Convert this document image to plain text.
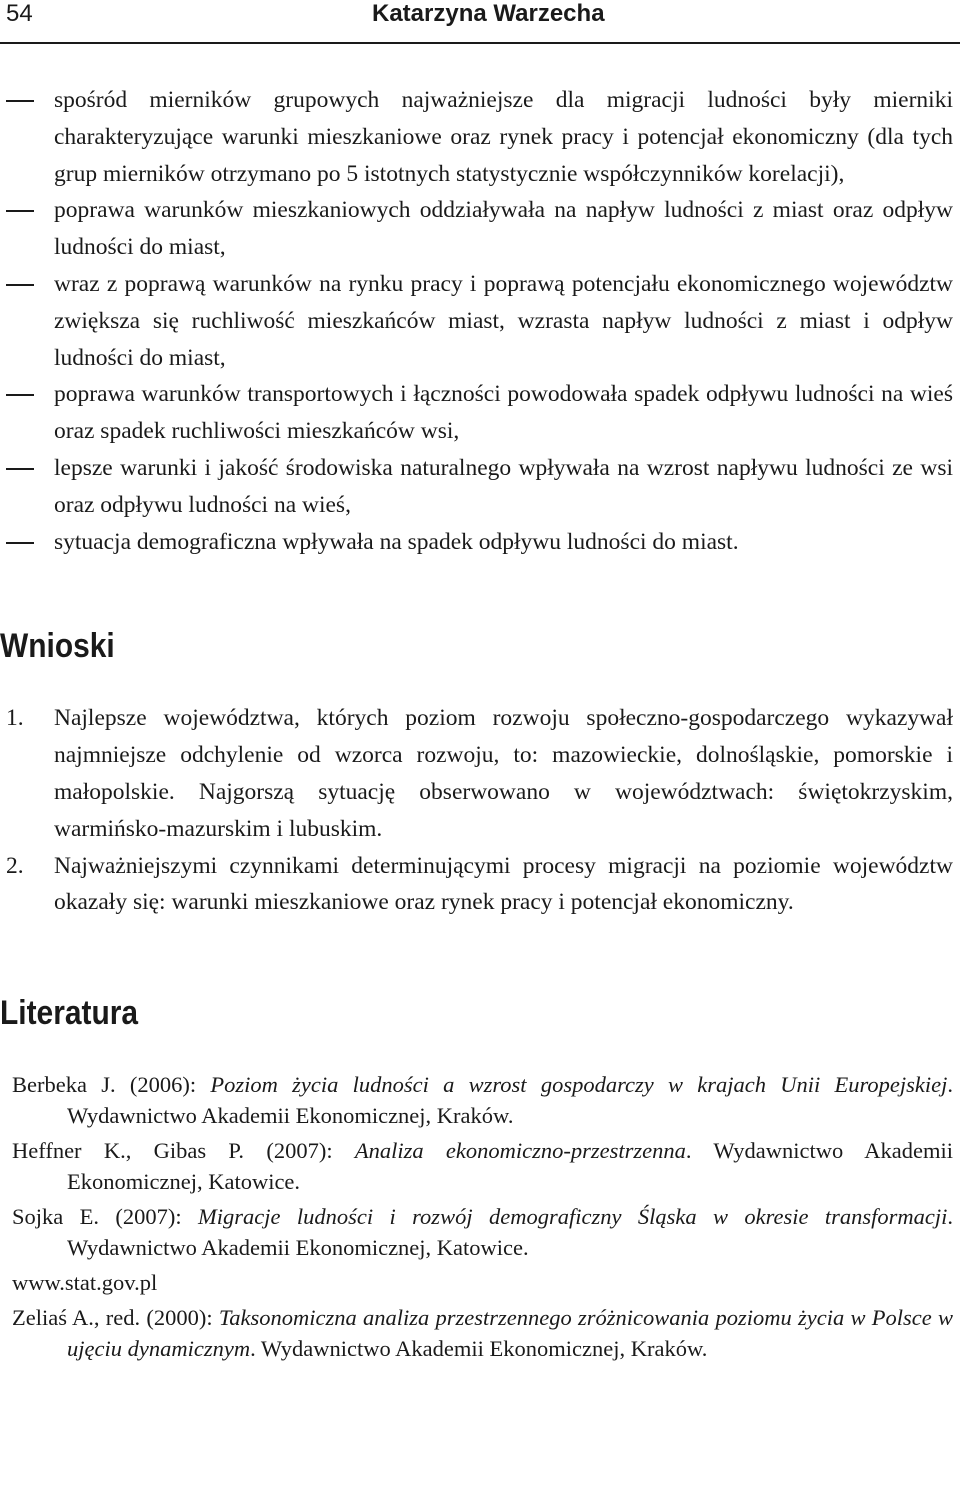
54	Katarzyna Warzecha
spośród mierników grupowych najważniejsze dla migracji ludności były mierniki charakteryzujące warunki mieszkaniowe oraz rynek pracy i potencjał ekonomiczny (dla tych grup mierników otrzymano po 5 istotnych statystycznie współczynników korelacji),
poprawa warunków mieszkaniowych oddziaływała na napływ ludności z miast oraz odpływ ludności do miast,
wraz z poprawą warunków na rynku pracy i poprawą potencjału ekonomicznego województw zwiększa się ruchliwość mieszkańców miast, wzrasta napływ ludności z miast i odpływ ludności do miast,
poprawa warunków transportowych i łączności powodowała spadek odpływu ludności na wieś oraz spadek ruchliwości mieszkańców wsi,
lepsze warunki i jakość środowiska naturalnego wpływała na wzrost napływu ludności ze wsi oraz odpływu ludności na wieś,
sytuacja demograficzna wpływała na spadek odpływu ludności do miast.
Wnioski
1. Najlepsze województwa, których poziom rozwoju społeczno-gospodarczego wykazywał najmniejsze odchylenie od wzorca rozwoju, to: mazowieckie, dolnośląskie, pomorskie i małopolskie. Najgorszą sytuację obserwowano w województwach: świętokrzyskim, warmińsko-mazurskim i lubuskim.
2. Najważniejszymi czynnikami determinującymi procesy migracji na poziomie województw okazały się: warunki mieszkaniowe oraz rynek pracy i potencjał ekonomiczny.
Literatura
Berbeka J. (2006): Poziom życia ludności a wzrost gospodarczy w krajach Unii Europejskiej. Wydawnictwo Akademii Ekonomicznej, Kraków.
Heffner K., Gibas P. (2007): Analiza ekonomiczno-przestrzenna. Wydawnictwo Akademii Ekonomicznej, Katowice.
Sojka E. (2007): Migracje ludności i rozwój demograficzny Śląska w okresie transformacji. Wydawnictwo Akademii Ekonomicznej, Katowice.
www.stat.gov.pl
Zeliaś A., red. (2000): Taksonomiczna analiza przestrzennego zróżnicowania poziomu życia w Polsce w ujęciu dynamicznym. Wydawnictwo Akademii Ekonomicznej, Kraków.
